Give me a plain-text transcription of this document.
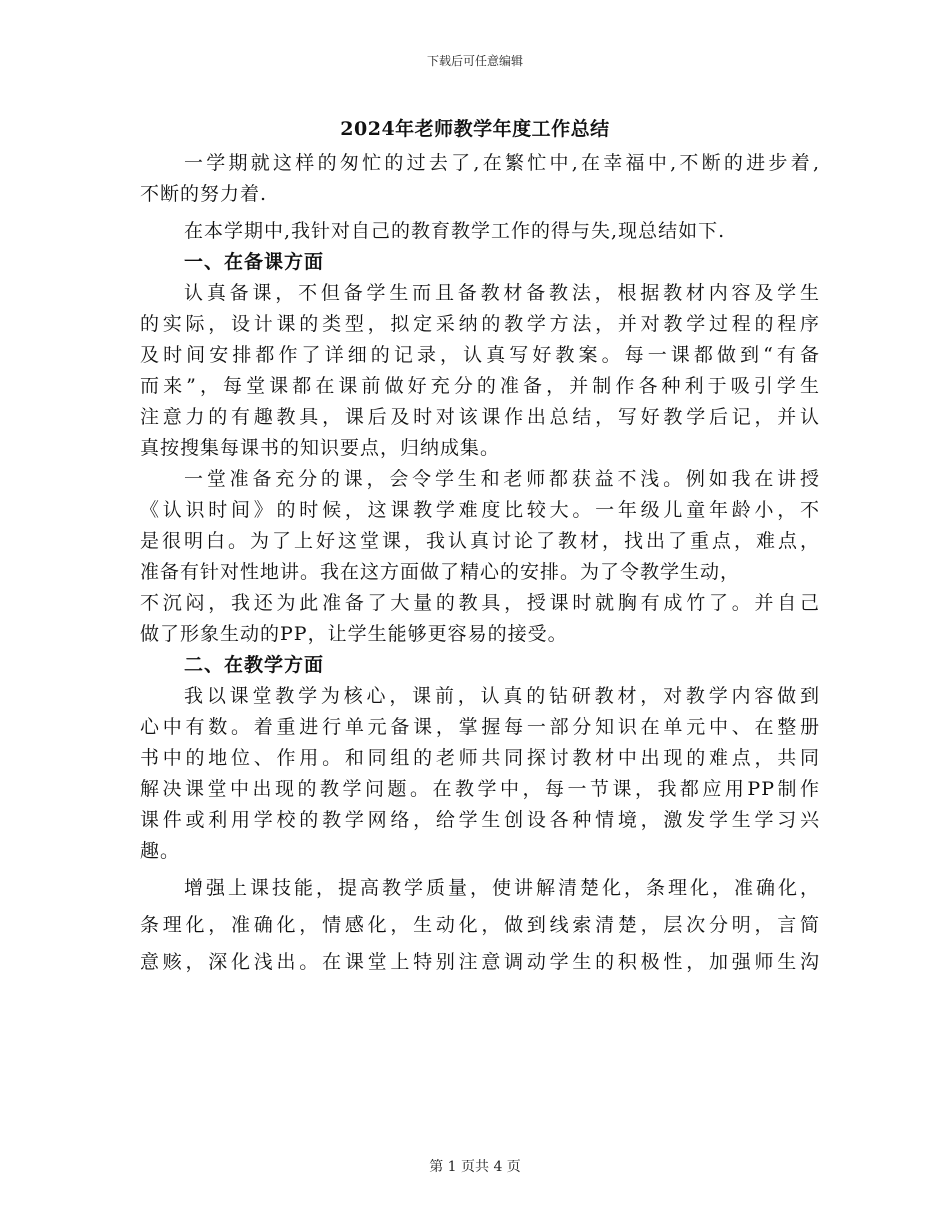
下载后可任意编辑
2024年老师教学年度工作总结
一学期就这样的匆忙的过去了,在繁忙中,在幸福中,不断的进步着,
不断的努力着.
在本学期中,我针对自己的教育教学工作的得与失,现总结如下.
一、在备课方面
认真备课，不但备学生而且备教材备教法，根据教材内容及学生
的实际，设计课的类型，拟定采纳的教学方法，并对教学过程的程序
及时间安排都作了详细的记录，认真写好教案。每一课都做到“有备
而来”，每堂课都在课前做好充分的准备，并制作各种利于吸引学生
注意力的有趣教具，课后及时对该课作出总结，写好教学后记，并认
真按搜集每课书的知识要点，归纳成集。
一堂准备充分的课，会令学生和老师都获益不浅。例如我在讲授
《认识时间》的时候，这课教学难度比较大。一年级儿童年龄小，不
是很明白。为了上好这堂课，我认真讨论了教材，找出了重点，难点，
准备有针对性地讲。我在这方面做了精心的安排。为了令教学生动，
不沉闷，我还为此准备了大量的教具，授课时就胸有成竹了。并自己
做了形象生动的PP，让学生能够更容易的接受。
二、在教学方面
我以课堂教学为核心，课前，认真的钻研教材，对教学内容做到
心中有数。着重进行单元备课，掌握每一部分知识在单元中、在整册
书中的地位、作用。和同组的老师共同探讨教材中出现的难点，共同
解决课堂中出现的教学问题。在教学中，每一节课，我都应用PP制作
课件或利用学校的教学网络，给学生创设各种情境，激发学生学习兴
趣。
增强上课技能，提高教学质量，使讲解清楚化，条理化，准确化，
条理化，准确化，情感化，生动化，做到线索清楚，层次分明，言简
意赅，深化浅出。在课堂上特别注意调动学生的积极性，加强师生沟
第 1 页共 4 页
